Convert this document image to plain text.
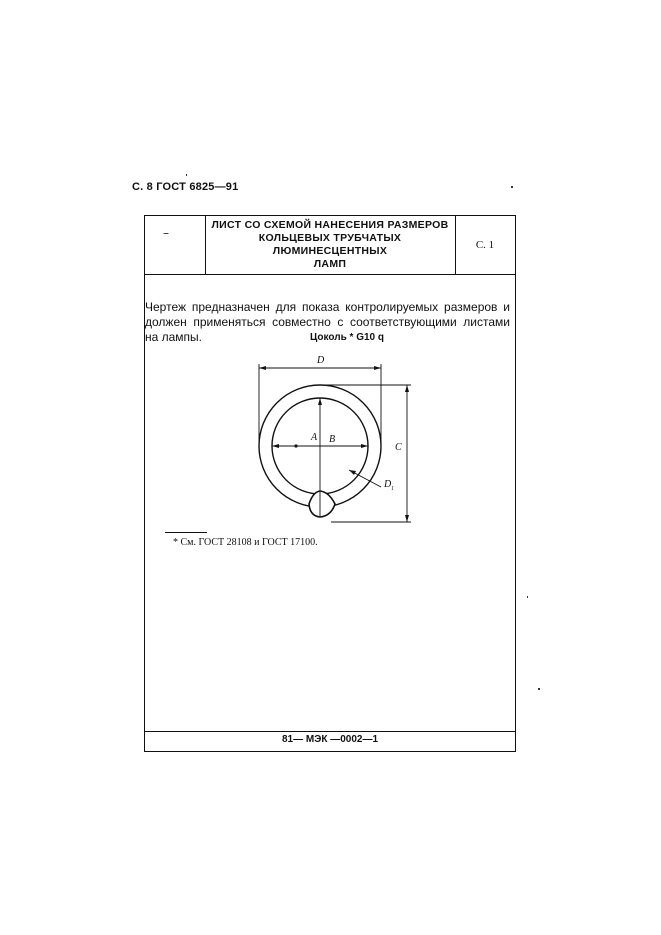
С. 8 ГОСТ 6825—91
–
ЛИСТ СО СХЕМОЙ НАНЕСЕНИЯ РАЗМЕРОВ
КОЛЬЦЕВЫХ ТРУБЧАТЫХ ЛЮМИНЕСЦЕНТНЫХ
ЛАМП
С. 1
Чертеж предназначен для показа контролируемых размеров и должен применяться совместно с соответствующими листами на лампы.	Цоколь * G10 q
D
A B
C
D 1
* См. ГОСТ 28108 и ГОСТ 17100.
81— МЭК —0002—1
